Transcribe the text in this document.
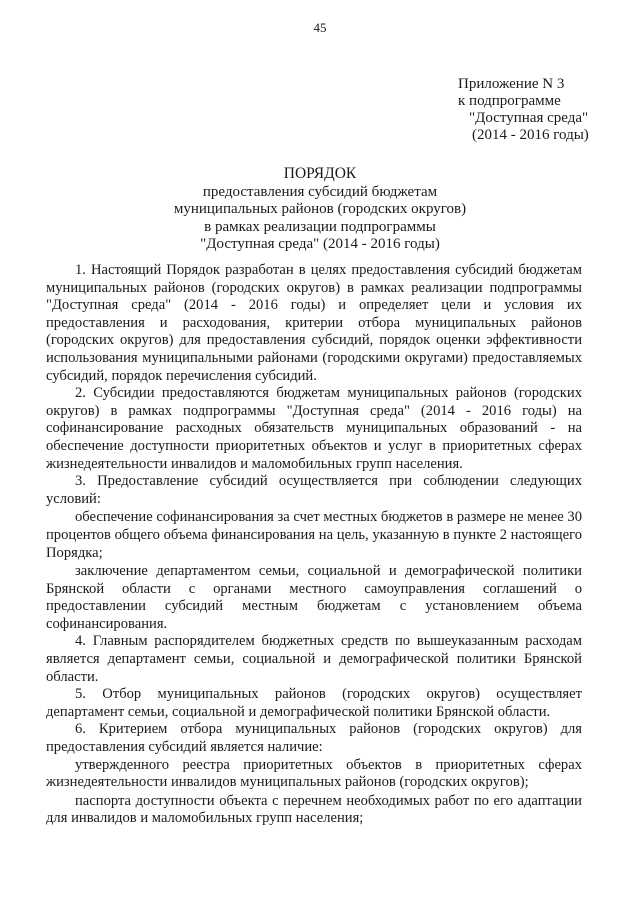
45
Приложение N 3
к подпрограмме
"Доступная среда"
(2014 - 2016 годы)
ПОРЯДОК
предоставления субсидий бюджетам
муниципальных районов (городских округов)
в рамках реализации подпрограммы
"Доступная среда" (2014 - 2016 годы)

1. Настоящий Порядок разработан в целях предоставления субсидий бюджетам муниципальных районов (городских округов) в рамках реализации подпрограммы "Доступная среда" (2014 - 2016 годы) и определяет цели и условия их предоставления и расходования, критерии отбора муниципальных районов (городских округов) для предоставления субсидий, порядок оценки эффективности использования муниципальными районами (городскими округами) предоставляемых субсидий, порядок перечисления субсидий.

2. Субсидии предоставляются бюджетам муниципальных районов (городских округов) в рамках подпрограммы "Доступная среда" (2014 - 2016 годы) на софинансирование расходных обязательств муниципальных образований - на обеспечение доступности приоритетных объектов и услуг в приоритетных сферах жизнедеятельности инвалидов и маломобильных групп населения.

3. Предоставление субсидий осуществляется при соблюдении следующих условий:

обеспечение софинансирования за счет местных бюджетов в размере не менее 30 процентов общего объема финансирования на цель, указанную в пункте 2 настоящего Порядка;

заключение департаментом семьи, социальной и демографической политики Брянской области с органами местного самоуправления соглашений о предоставлении субсидий местным бюджетам с установлением объема софинансирования.

4. Главным распорядителем бюджетных средств по вышеуказанным расходам является департамент семьи, социальной и демографической политики Брянской области.

5. Отбор муниципальных районов (городских округов) осуществляет департамент семьи, социальной и демографической политики Брянской области.

6. Критерием отбора муниципальных районов (городских округов) для предоставления субсидий является наличие:

утвержденного реестра приоритетных объектов в приоритетных сферах жизнедеятельности инвалидов муниципальных районов (городских округов);

паспорта доступности объекта с перечнем необходимых работ по его адаптации для инвалидов и маломобильных групп населения;
